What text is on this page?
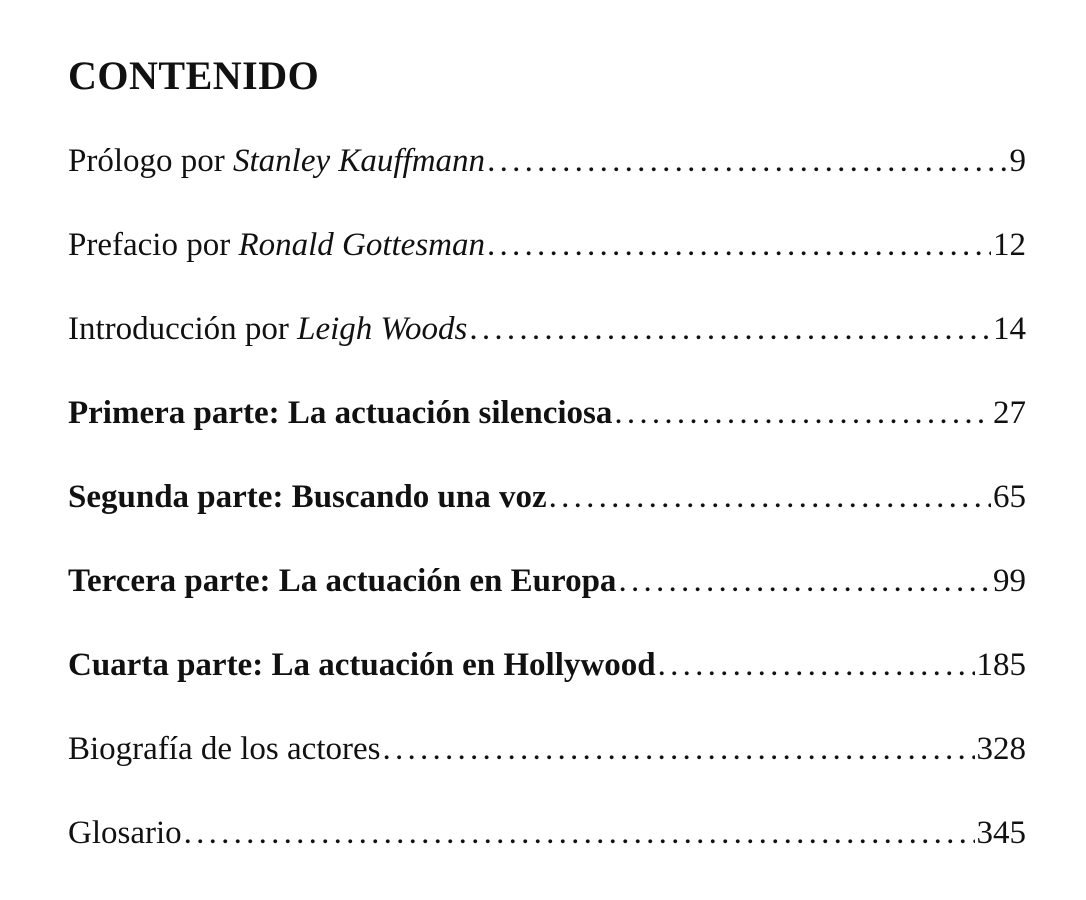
CONTENIDO
Prólogo por Stanley Kauffmann . . .	9
Prefacio por Ronald Gottesman . . .	12
Introducción por Leigh Woods . . .	14
Primera parte: La actuación silenciosa . . .	27
Segunda parte: Buscando una voz . . .	65
Tercera parte: La actuación en Europa . . .	99
Cuarta parte: La actuación en Hollywood . . .	185
Biografía de los actores . . .	328
Glosario . . .	345
